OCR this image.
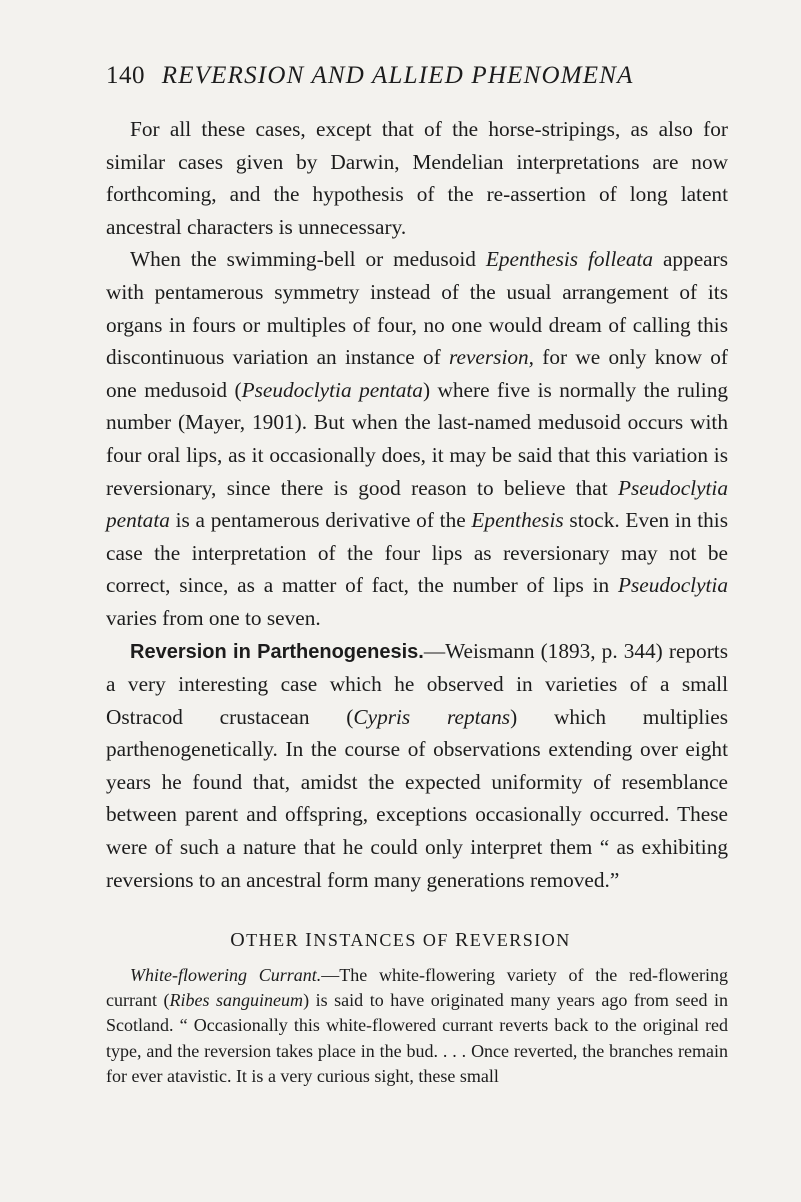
140 REVERSION AND ALLIED PHENOMENA

For all these cases, except that of the horse-stripings, as also for similar cases given by Darwin, Mendelian interpretations are now forthcoming, and the hypothesis of the re-assertion of long latent ancestral characters is unnecessary.

When the swimming-bell or medusoid Epenthesis folleata appears with pentamerous symmetry instead of the usual arrangement of its organs in fours or multiples of four, no one would dream of calling this discontinuous variation an instance of reversion, for we only know of one medusoid (Pseudoclytia pentata) where five is normally the ruling number (Mayer, 1901). But when the last-named medusoid occurs with four oral lips, as it occasionally does, it may be said that this variation is reversionary, since there is good reason to believe that Pseudoclytia pentata is a pentamerous derivative of the Epenthesis stock. Even in this case the interpretation of the four lips as reversionary may not be correct, since, as a matter of fact, the number of lips in Pseudoclytia varies from one to seven.

Reversion in Parthenogenesis.—Weismann (1893, p. 344) reports a very interesting case which he observed in varieties of a small Ostracod crustacean (Cypris reptans) which multiplies parthenogenetically. In the course of observations extending over eight years he found that, amidst the expected uniformity of resemblance between parent and offspring, exceptions occasionally occurred. These were of such a nature that he could only interpret them “ as exhibiting reversions to an ancestral form many generations removed.”

OTHER INSTANCES OF REVERSION

White-flowering Currant.—The white-flowering variety of the red-flowering currant (Ribes sanguineum) is said to have originated many years ago from seed in Scotland. “ Occasionally this white-flowered currant reverts back to the original red type, and the reversion takes place in the bud. . . . Once reverted, the branches remain for ever atavistic. It is a very curious sight, these small
